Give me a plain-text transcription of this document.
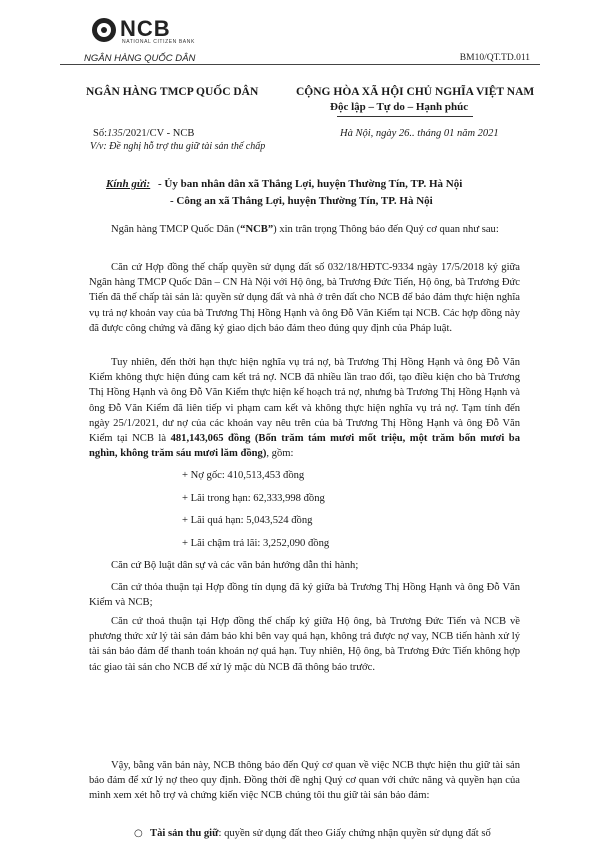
NCB
NATIONAL CITIZEN BANK
NGÂN HÀNG QUỐC DÂN	BM10/QT.TD.011
NGÂN HÀNG TMCP QUỐC DÂN	CỘNG HÒA XÃ HỘI CHỦ NGHĨA VIỆT NAM
Độc lập – Tự do – Hạnh phúc
Số:135/2021/CV - NCB
V/v: Đề nghị hỗ trợ thu giữ tài sản thế chấp
Hà Nội, ngày 26.. tháng 01 năm 2021
Kính gửi: - Ủy ban nhân dân xã Thắng Lợi, huyện Thường Tín, TP. Hà Nội
- Công an xã Thắng Lợi, huyện Thường Tín, TP. Hà Nội
Ngân hàng TMCP Quốc Dân (“NCB”) xin trân trọng Thông báo đến Quý cơ quan như sau:
Căn cứ Hợp đồng thế chấp quyền sử dụng đất số 032/18/HĐTC-9334 ngày 17/5/2018 ký giữa Ngân hàng TMCP Quốc Dân – CN Hà Nội với Hộ ông, bà Trương Đức Tiến, Hộ ông, bà Trương Đức Tiến đã thế chấp tài sản là: quyền sử dụng đất và nhà ở trên đất cho NCB để bảo đảm thực hiện nghĩa vụ trả nợ khoản vay của bà Trương Thị Hồng Hạnh và ông Đỗ Văn Kiểm tại NCB. Các hợp đồng này đã được công chứng và đăng ký giao dịch bảo đảm theo đúng quy định của Pháp luật.
Tuy nhiên, đến thời hạn thực hiện nghĩa vụ trả nợ, bà Trương Thị Hồng Hạnh và ông Đỗ Văn Kiểm không thực hiện đúng cam kết trả nợ. NCB đã nhiều lần trao đổi, tạo điều kiện cho bà Trương Thị Hồng Hạnh và ông Đỗ Văn Kiểm thực hiện kế hoạch trả nợ, nhưng bà Trương Thị Hồng Hạnh và ông Đỗ Văn Kiểm đã liên tiếp vi phạm cam kết và không thực hiện nghĩa vụ trả nợ. Tạm tính đến ngày 25/1/2021, dư nợ của các khoản vay nêu trên của bà Trương Thị Hồng Hạnh và ông Đỗ Văn Kiểm tại NCB là 481,143,065 đồng (Bốn trăm tám mươi mốt triệu, một trăm bốn mươi ba nghìn, không trăm sáu mươi lăm đồng), gồm:
+ Nợ gốc: 410,513,453 đồng
+ Lãi trong hạn: 62,333,998 đồng
+ Lãi quá hạn: 5,043,524 đồng
+ Lãi chậm trả lãi: 3,252,090 đồng
Căn cứ Bộ luật dân sự và các văn bản hướng dẫn thi hành;
Căn cứ thỏa thuận tại Hợp đồng tín dụng đã ký giữa bà Trương Thị Hồng Hạnh và ông Đỗ Văn Kiểm và NCB;
Căn cứ thoả thuận tại Hợp đồng thế chấp ký giữa Hộ ông, bà Trương Đức Tiến và NCB về phương thức xử lý tài sản đảm bảo khi bên vay quá hạn, không trả được nợ vay, NCB tiến hành xử lý tài sản bảo đảm để thanh toán khoản nợ quá hạn. Tuy nhiên, Hộ ông, bà Trương Đức Tiến không hợp tác giao tài sản cho NCB để xử lý mặc dù NCB đã thông báo trước.
Vậy, bằng văn bản này, NCB thông báo đến Quý cơ quan về việc NCB thực hiện thu giữ tài sản bảo đảm để xử lý nợ theo quy định. Đồng thời đề nghị Quý cơ quan với chức năng và quyền hạn của mình xem xét hỗ trợ và chứng kiến việc NCB chúng tôi thu giữ tài sản bảo đảm:
○ Tài sản thu giữ: quyền sử dụng đất theo Giấy chứng nhận quyền sử dụng đất số
